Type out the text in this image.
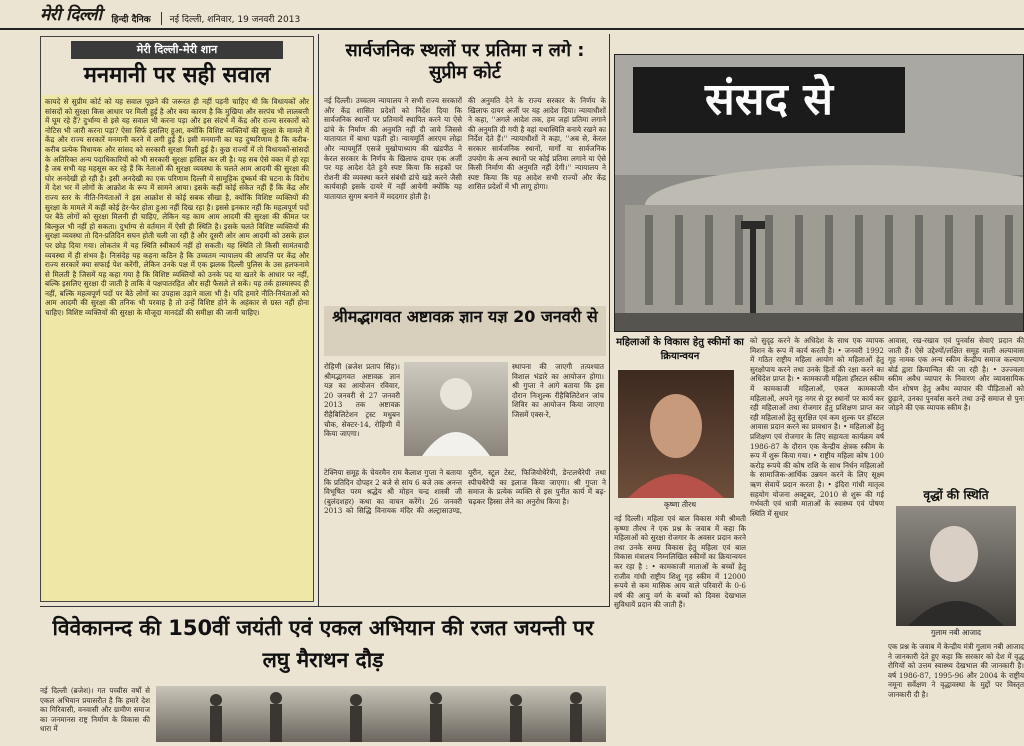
मेरी दिल्ली हिन्दी दैनिक	नई दिल्ली, शनिवार, 19 जनवरी 2013
मेरी दिल्ली-मेरी शान
मनमानी पर सही सवाल
कायदे से सुप्रीम कोर्ट को यह सवाल पूछने की जरूरत ही नहीं पड़नी चाहिए थी कि विधायकों और सांसदों को सुरक्षा किस आधार पर मिली हुई है और क्या कारण है कि मुखिया और सरपंच भी लालबत्ती में घूम रहे हैं? दुर्भाग्य से इसे यह सवाल भी करना पड़ा और इस संदर्भ में केंद्र और राज्य सरकारों को नोटिस भी जारी करना पड़ा? ऐसा सिर्फ इसलिए हुआ, क्योंकि विशिष्ट व्यक्तियों की सुरक्षा के मामले में केंद्र और राज्य सरकारें मनमानी करने में लगी हुई हैं। इसी मनमानी का यह दुष्परिणाम है कि करीब-करीब प्रत्येक विधायक और सांसद को सरकारी सुरक्षा मिली हुई है। कुछ राज्यों में तो विधायकों-सांसदों के अतिरिक्त अन्य पदाधिकारियों को भी सरकारी सुरक्षा हासिल कर ली है। यह सब ऐसे वक्त में हो रहा है जब सभी यह महसूस कर रहे हैं कि नेताओं की सुरक्षा व्यवस्था के चलते आम आदमी की सुरक्षा की घोर अनदेखी हो रही है। इसी अनदेखी का एक परिणाम दिल्ली में सामूहिक दुष्कर्म की घटना के विरोध में देश भर में लोगों के आक्रोश के रूप में सामने आया। इसके कहीं कोई संकेत नहीं हैं कि केंद्र और राज्य स्तर के नीति-नियंताओं ने इस आक्रोश से कोई सबक सीखा है, क्योंकि विशिष्ट व्यक्तियों की सुरक्षा के मामले में कहीं कोई हेर-फेर होता हुआ नहीं दिख रहा है। इससे इनकार नहीं कि महत्वपूर्ण पदों पर बैठे लोगों को सुरक्षा मिलनी ही चाहिए, लेकिन यह काम आम आदमी की सुरक्षा की कीमत पर बिल्कुल भी नहीं हो सकता। दुर्भाग्य से वर्तमान में ऐसी ही स्थिति है। इसके चलते विशिष्ट व्यक्तियों की सुरक्षा व्यवस्था तो दिन-प्रतिदिन सघन होती चली जा रही है और दूसरी ओर आम आदमी को उसके हाल पर छोड़ दिया गया। लोकतंत्र में यह स्थिति स्वीकार्य नहीं हो सकती। यह स्थिति तो किसी सामंतवादी व्यवस्था में ही संभव है। निःसंदेह यह कहना कठिन है कि उच्चतम न्यायालय की आपत्ति पर केंद्र और राज्य सरकारें क्या सफाई पेश करेंगी, लेकिन उनके पक्ष में एक झलक दिल्ली पुलिस के उस हलफनामे से मिलती है जिसमें यह कहा गया है कि विशिष्ट व्यक्तियों को उनके पद या खतरे के आधार पर नहीं, बल्कि इसलिए सुरक्षा दी जाती है ताकि वे पक्षपातरहित और सही फैसले ले सकें। यह तर्क हास्यास्पद ही नहीं, बल्कि महत्वपूर्ण पदों पर बैठे लोगों का उपहास उड़ाने वाला भी है। यदि हमारे नीति-नियंताओं को आम आदमी की सुरक्षा की तनिक भी परवाह है तो उन्हें विशिष्ट होने के अहंकार से ग्रस्त नहीं होना चाहिए। विशिष्ट व्यक्तियों की सुरक्षा के मौजूदा मानदंडों की समीक्षा की जानी चाहिए।
सार्वजनिक स्थलों पर प्रतिमा न लगे : सुप्रीम कोर्ट
नई दिल्ली। उच्चतम न्यायालय ने सभी राज्य सरकारों और केंद्र शासित प्रदेशों को निर्देश दिया कि सार्वजनिक स्थानों पर प्रतिमायें स्थापित करने या ऐसे ढांचे के निर्माण की अनुमति नहीं दी जाये जिससे यातायात में बाधा पड़ती हो। न्यायमूर्ति आरएम लोढ़ा और न्यायमूर्ति एसजे मुखोपाध्याय की खंडपीठ ने केरल सरकार के निर्णय के खिलाफ दायर एक अर्जी पर यह आदेश देते हुये स्पष्ट किया कि सड़कों पर रोशनी की व्यवस्था करने संबंधी ढांचे खड़े करने जैसी कार्यवाही इसके दायरे में नहीं आयेगी क्योंकि यह यातायात सुगम बनाने में मददगार होती है।
की अनुमति देने के राज्य सरकार के निर्णय के खिलाफ दायर अर्जी पर यह आदेश दिया। न्यायाधीशों ने कहा, ''अगले आदेश तक, हम जहां प्रतिमा लगाने की अनुमति दी गयी है वहां यथास्थिति बनाये रखने का निर्देश देते हैं।'' न्यायाधीशों ने कहा, ''अब से, केरल सरकार सार्वजनिक स्थानों, मार्गों या सार्वजनिक उपयोग के अन्य स्थानों पर कोई प्रतिमा लगाने या ऐसे किसी निर्माण की अनुमति नहीं देगी।'' न्यायालय ने स्पष्ट किया कि यह आदेश सभी राज्यों और केंद्र शासित प्रदेशों में भी लागू होगा।
श्रीमद्भागवत अष्टावक्र ज्ञान यज्ञ 20 जनवरी से
रोहिणी (ब्रजेश प्रताप सिंह)। श्रीमद्भागवत अष्टावक्र ज्ञान यज्ञ का आयोजन रविवार, 20 जनवरी से 27 जनवरी 2013 तक अष्टावक्र रीहैबिलिटेशन ट्रस्ट मधुबन चौक, सेक्टर-14, रोहिणी में किया जाएगा।
स्थापना की जाएगी तत्पश्चात विशाल भंडारे का आयोजन होगा। श्री गुप्ता ने आगे बताया कि इस दौरान निःशुल्क रीहैबिलिटेशन जांच शिविर का आयोजन किया जाएगा जिसमें एक्स-रे,
टेक्निया समूह के चेयरमैन राम कैलाश गुप्ता ने बताया कि प्रतिदिन दोपहर 2 बजे से सांय 6 बजे तक अनन्त विभूषित परम श्रद्धेय श्री मोहन चन्द्र शास्त्री जी (बुलंदशहर) कथा का वाचन करेंगे। 26 जनवरी 2013 को सिद्धि विनायक मंदिर की अल्ट्रासाउण्ड, यूरीन, स्टूल टेस्ट, फिजियोथैरेपी, डेन्टलथैरेपी तथा स्पीचथैरेपी का इलाज किया जाएगा। श्री गुप्ता ने समाज के प्रत्येक व्यक्ति से इस पुनीत कार्य में बढ़-चढ़कर हिस्सा लेने का अनुरोध किया है।
संसद से
महिलाओं के विकास हेतु स्कीमों का क्रियान्वयन
कृष्णा तीरथ
नई दिल्ली। महिला एवं बाल विकास मंत्री श्रीमती कृष्णा तीरथ ने एक प्रश्न के जवाब में कहा कि महिलाओं को सुरक्षा रोजगार के अवसर प्रदान करने तथा उनके समग्र विकास हेतु महिला एवं बाल विकास मंत्रालय निम्नलिखित स्कीमों का क्रियान्वयन कर रहा है : • कामकाजी माताओं के बच्चों हेतु राजीव गांधी राष्ट्रीय शिशु गृह स्कीम में 12000 रूपये से कम मासिक आय वाले परिवारों के 0-6 वर्ष की आयु वर्ग के बच्चों को दिवस देखभाल सुविधायें प्रदान की जाती हैं।
को सुदृढ़ करने के अधिदेश के साथ एक व्यापक मिशन के रूप में कार्य करती है। • जनवरी 1992 में गठित राष्ट्रीय महिला आयोग को महिलाओं हेतु सुरक्षोपाय करने तथा उनके हितों की रक्षा करने का अधिदेश प्राप्त है। • कामकाजी महिला हॉस्टल स्कीम में कामकाजी महिलाओं, एकल कामकाजी महिलाओं, अपने गृह नगर से दूर स्थानों पर कार्य कर रही महिलाओं तथा रोजगार हेतु प्रशिक्षण प्राप्त कर रही महिलाओं हेतु सुरक्षित एवं कम शुल्क पर हॉस्टल आवास प्रदान करने का प्रावधान है। • महिलाओं हेतु प्रशिक्षण एवं रोजगार के लिए सहायता कार्यक्रम वर्ष 1986-87 के दौरान एक केन्द्रीय क्षेत्रक स्कीम के रूप में शुरू किया गया। • राष्ट्रीय महिला कोष 100 करोड़ रूपये की कोष राशि के साथ निर्धन महिलाओं के सामाजिक-आर्थिक उन्नयन करने के लिए सूक्ष्म ऋण सेवायें प्रदान करता है। • इंदिरा गांधी मातृत्व सहयोग योजना अक्टूबर, 2010 से शुरू की गई गर्भवती एवं धात्री माताओं के स्वास्थ्य एवं पोषण स्थिति में सुधार
आवास, रख-रखाव एवं पुनर्वास सेवाएं प्रदान की जाती हैं। ऐसे उद्देश्यों/लक्षित समूह वाली अल्पावास गृह नामक एक अन्य स्कीम केन्द्रीय समाज कल्याण बोर्ड द्वारा क्रियान्वित की जा रही है। • उज्ज्वला स्कीम अवैध व्यापार के निवारण और व्यावसायिक यौन शोषण हेतु अवैध व्यापार की पीड़िताओं को छुड़ाने, उनका पुनर्वास करने तथा उन्हें समाज से पुनः जोड़ने की एक व्यापक स्कीम है।
वृद्धों की स्थिति
गुलाम नबी आजाद
एक प्रश्न के जवाब में केन्द्रीय मंत्री गुलाम नबी आजाद ने जानकारी देते हुए कहा कि सरकार को देश में वृद्ध रोगियों को उत्तम स्वास्थ्य देखभाल की जानकारी है। वर्ष 1986-87, 1995-96 और 2004 के राष्ट्रीय नमूना सर्वेक्षण ने वृद्धावस्था के मुद्दों पर विस्तृत जानकारी दी है।
विवेकानन्द की 150वीं जयंती एवं एकल अभियान की रजत जयन्ती पर लघु मैराथन दौड़
नई दिल्ली (ब्रजेश)। गत पच्चीस वर्षों से एकल अभियान प्रयासरीत है कि हमारे देश का गिरिवासी, वनवासी और ग्रामीण समाज का जनमानस राष्ट्र निर्माण के विकास की धारा में
